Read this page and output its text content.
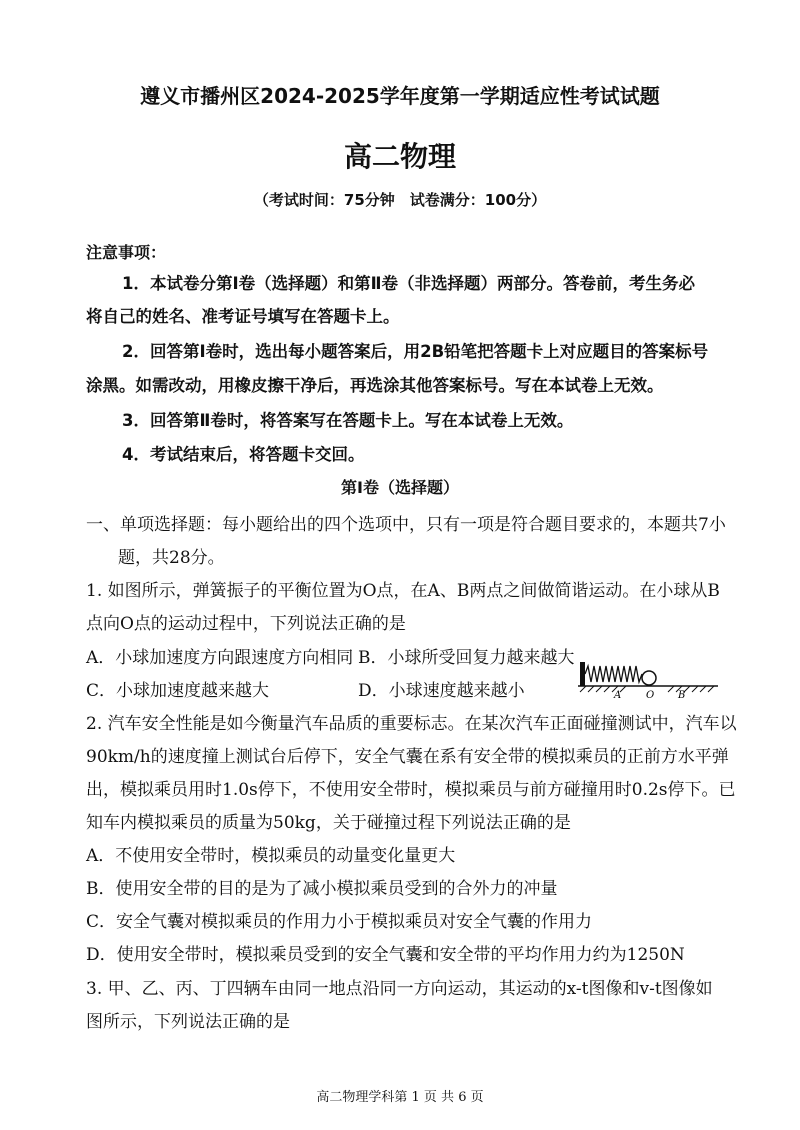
遵义市播州区2024-2025学年度第一学期适应性考试试题
高二物理
（考试时间：75分钟　试卷满分：100分）
注意事项：
1．本试卷分第Ⅰ卷（选择题）和第Ⅱ卷（非选择题）两部分。答卷前，考生务必
将自己的姓名、准考证号填写在答题卡上。
2．回答第Ⅰ卷时，选出每小题答案后，用2B铅笔把答题卡上对应题目的答案标号
涂黑。如需改动，用橡皮擦干净后，再选涂其他答案标号。写在本试卷上无效。
3．回答第Ⅱ卷时，将答案写在答题卡上。写在本试卷上无效。
4．考试结束后，将答题卡交回。
第Ⅰ卷（选择题）
一、单项选择题：每小题给出的四个选项中，只有一项是符合题目要求的，本题共7小
题，共28分。
1. 如图所示，弹簧振子的平衡位置为O点，在A、B两点之间做简谐运动。在小球从B
点向O点的运动过程中，下列说法正确的是
A．小球加速度方向跟速度方向相同 B．小球所受回复力越来越大
C．小球加速度越来越大	D．小球速度越来越小	A O B
2. 汽车安全性能是如今衡量汽车品质的重要标志。在某次汽车正面碰撞测试中，汽车以
90km/h的速度撞上测试台后停下，安全气囊在系有安全带的模拟乘员的正前方水平弹
出，模拟乘员用时1.0s停下，不使用安全带时，模拟乘员与前方碰撞用时0.2s停下。已
知车内模拟乘员的质量为50kg，关于碰撞过程下列说法正确的是
A．不使用安全带时，模拟乘员的动量变化量更大
B．使用安全带的目的是为了减小模拟乘员受到的合外力的冲量
C．安全气囊对模拟乘员的作用力小于模拟乘员对安全气囊的作用力
D．使用安全带时，模拟乘员受到的安全气囊和安全带的平均作用力约为1250N
3. 甲、乙、丙、丁四辆车由同一地点沿同一方向运动，其运动的x-t图像和v-t图像如
图所示，下列说法正确的是
高二物理学科第 1 页 共 6 页
